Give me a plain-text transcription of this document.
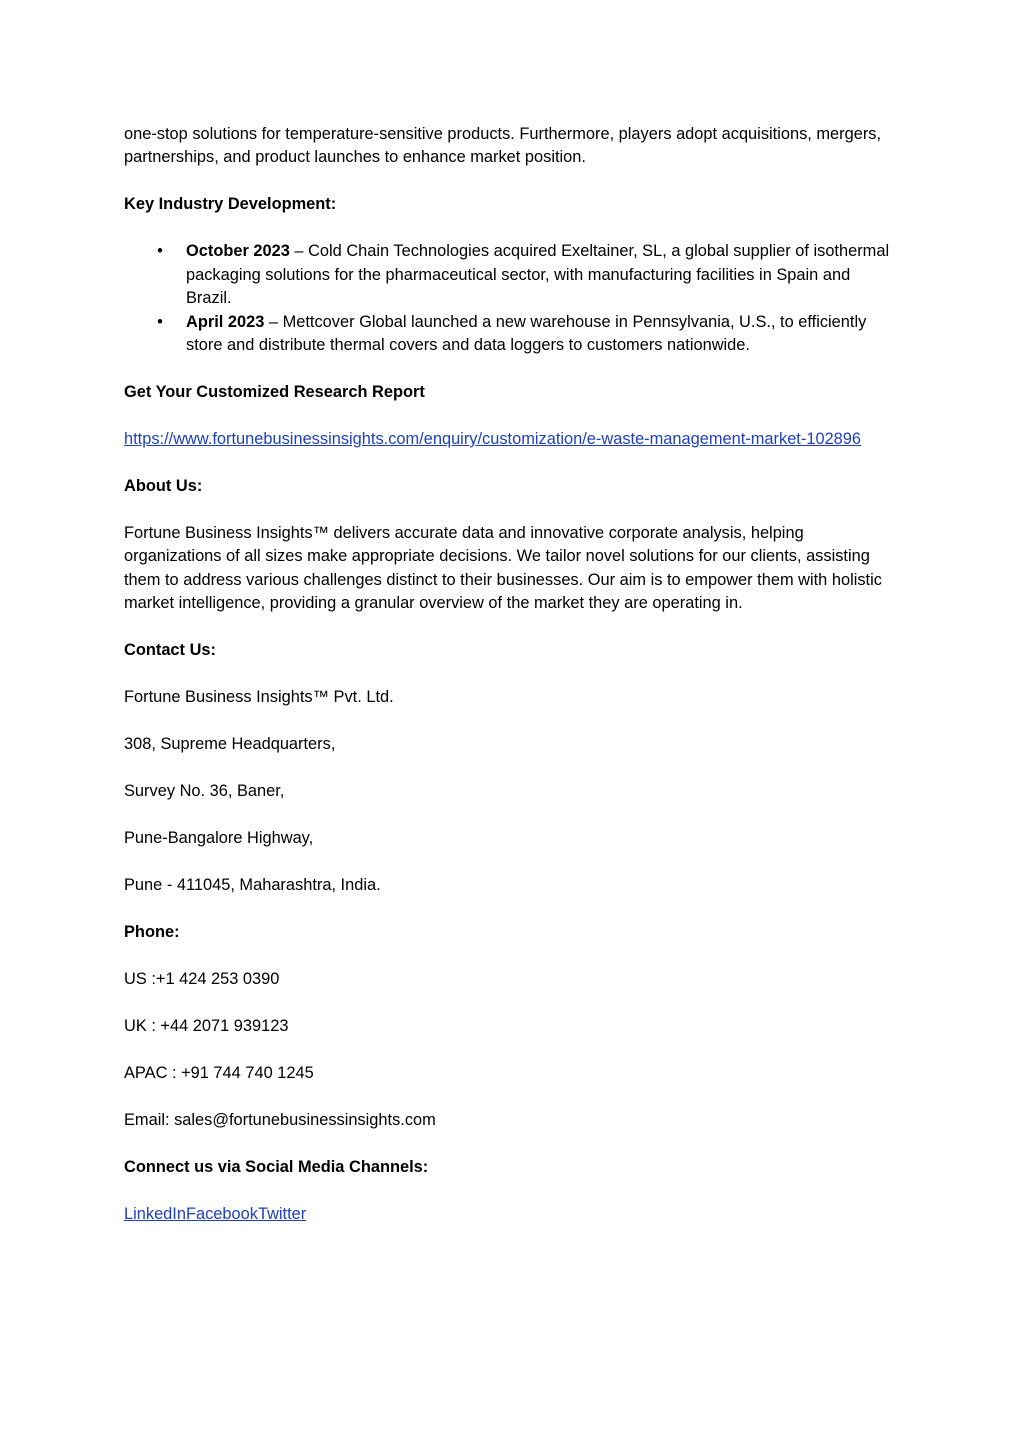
one-stop solutions for temperature-sensitive products. Furthermore, players adopt acquisitions, mergers, partnerships, and product launches to enhance market position.

Key Industry Development:

• October 2023 – Cold Chain Technologies acquired Exeltainer, SL, a global supplier of isothermal packaging solutions for the pharmaceutical sector, with manufacturing facilities in Spain and Brazil.
• April 2023 – Mettcover Global launched a new warehouse in Pennsylvania, U.S., to efficiently store and distribute thermal covers and data loggers to customers nationwide.

Get Your Customized Research Report

https://www.fortunebusinessinsights.com/enquiry/customization/e-waste-management-market-102896

About Us:

Fortune Business Insights™ delivers accurate data and innovative corporate analysis, helping organizations of all sizes make appropriate decisions. We tailor novel solutions for our clients, assisting them to address various challenges distinct to their businesses. Our aim is to empower them with holistic market intelligence, providing a granular overview of the market they are operating in.

Contact Us:

Fortune Business Insights™ Pvt. Ltd.

308, Supreme Headquarters,

Survey No. 36, Baner,

Pune-Bangalore Highway,

Pune - 411045, Maharashtra, India.

Phone:

US :+1 424 253 0390

UK : +44 2071 939123

APAC : +91 744 740 1245

Email: sales@fortunebusinessinsights.com

Connect us via Social Media Channels:

LinkedInFacebookTwitter
